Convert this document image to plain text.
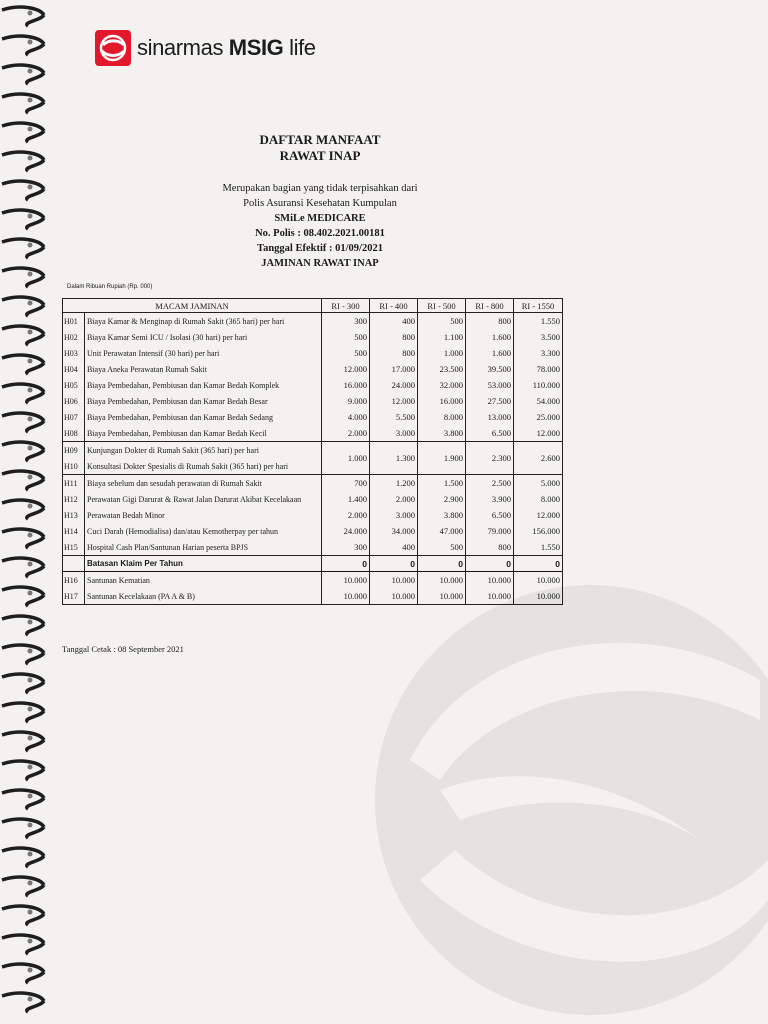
sinarmas MSIG life
DAFTAR MANFAAT
RAWAT INAP
Merupakan bagian yang tidak terpisahkan dari
Polis Asuransi Kesehatan Kumpulan
SMiLe MEDICARE
No. Polis : 08.402.2021.00181
Tanggal Efektif : 01/09/2021
JAMINAN RAWAT INAP
Dalam Ribuan Rupiah (Rp. 000)
MACAM JAMINAN		RI - 300	RI - 400	RI - 500	RI - 800	RI - 1550
H01	Biaya Kamar & Menginap di Rumah Sakit (365 hari) per hari	300	400	500	800	1.550
H02	Biaya Kamar Semi ICU / Isolasi (30 hari) per hari	500	800	1.100	1.600	3.500
H03	Unit Perawatan Intensif (30 hari) per hari	500	800	1.000	1.600	3.300
H04	Biaya Aneka Perawatan Rumah Sakit	12.000	17.000	23.500	39.500	78.000
H05	Biaya Pembedahan, Pembiusan dan Kamar Bedah Komplek	16.000	24.000	32.000	53.000	110.000
H06	Biaya Pembedahan, Pembiusan dan Kamar Bedah Besar	9.000	12.000	16.000	27.500	54.000
H07	Biaya Pembedahan, Pembiusan dan Kamar Bedah Sedang	4.000	5.500	8.000	13.000	25.000
H08	Biaya Pembedahan, Pembiusan dan Kamar Bedah Kecil	2.000	3.000	3.800	6.500	12.000
H09	Kunjungan Dokter di Rumah Sakit (365 hari) per hari	1.000	1.300	1.900	2.300	2.600
H10	Konsultasi Dokter Spesialis di Rumah Sakit (365 hari) per hari					
H11	Biaya sebelum dan sesudah perawatan di Rumah Sakit	700	1.200	1.500	2.500	5.000
H12	Perawatan Gigi Darurat & Rawat Jalan Darurat Akibat Kecelakaan	1.400	2.000	2.900	3.900	8.000
H13	Perawatan Bedah Minor	2.000	3.000	3.800	6.500	12.000
H14	Cuci Darah (Hemodialisa) dan/atau Kemotherpay per tahun	24.000	34.000	47.000	79.000	156.000
H15	Hospital Cash Plan/Santunan Harian peserta BPJS	300	400	500	800	1.550
	Batasan Klaim Per Tahun	0	0	0	0	0
H16	Santunan Kematian	10.000	10.000	10.000	10.000	10.000
H17	Santunan Kecelakaan (PA A & B)	10.000	10.000	10.000	10.000	10.000
Tanggal Cetak : 08 September 2021
